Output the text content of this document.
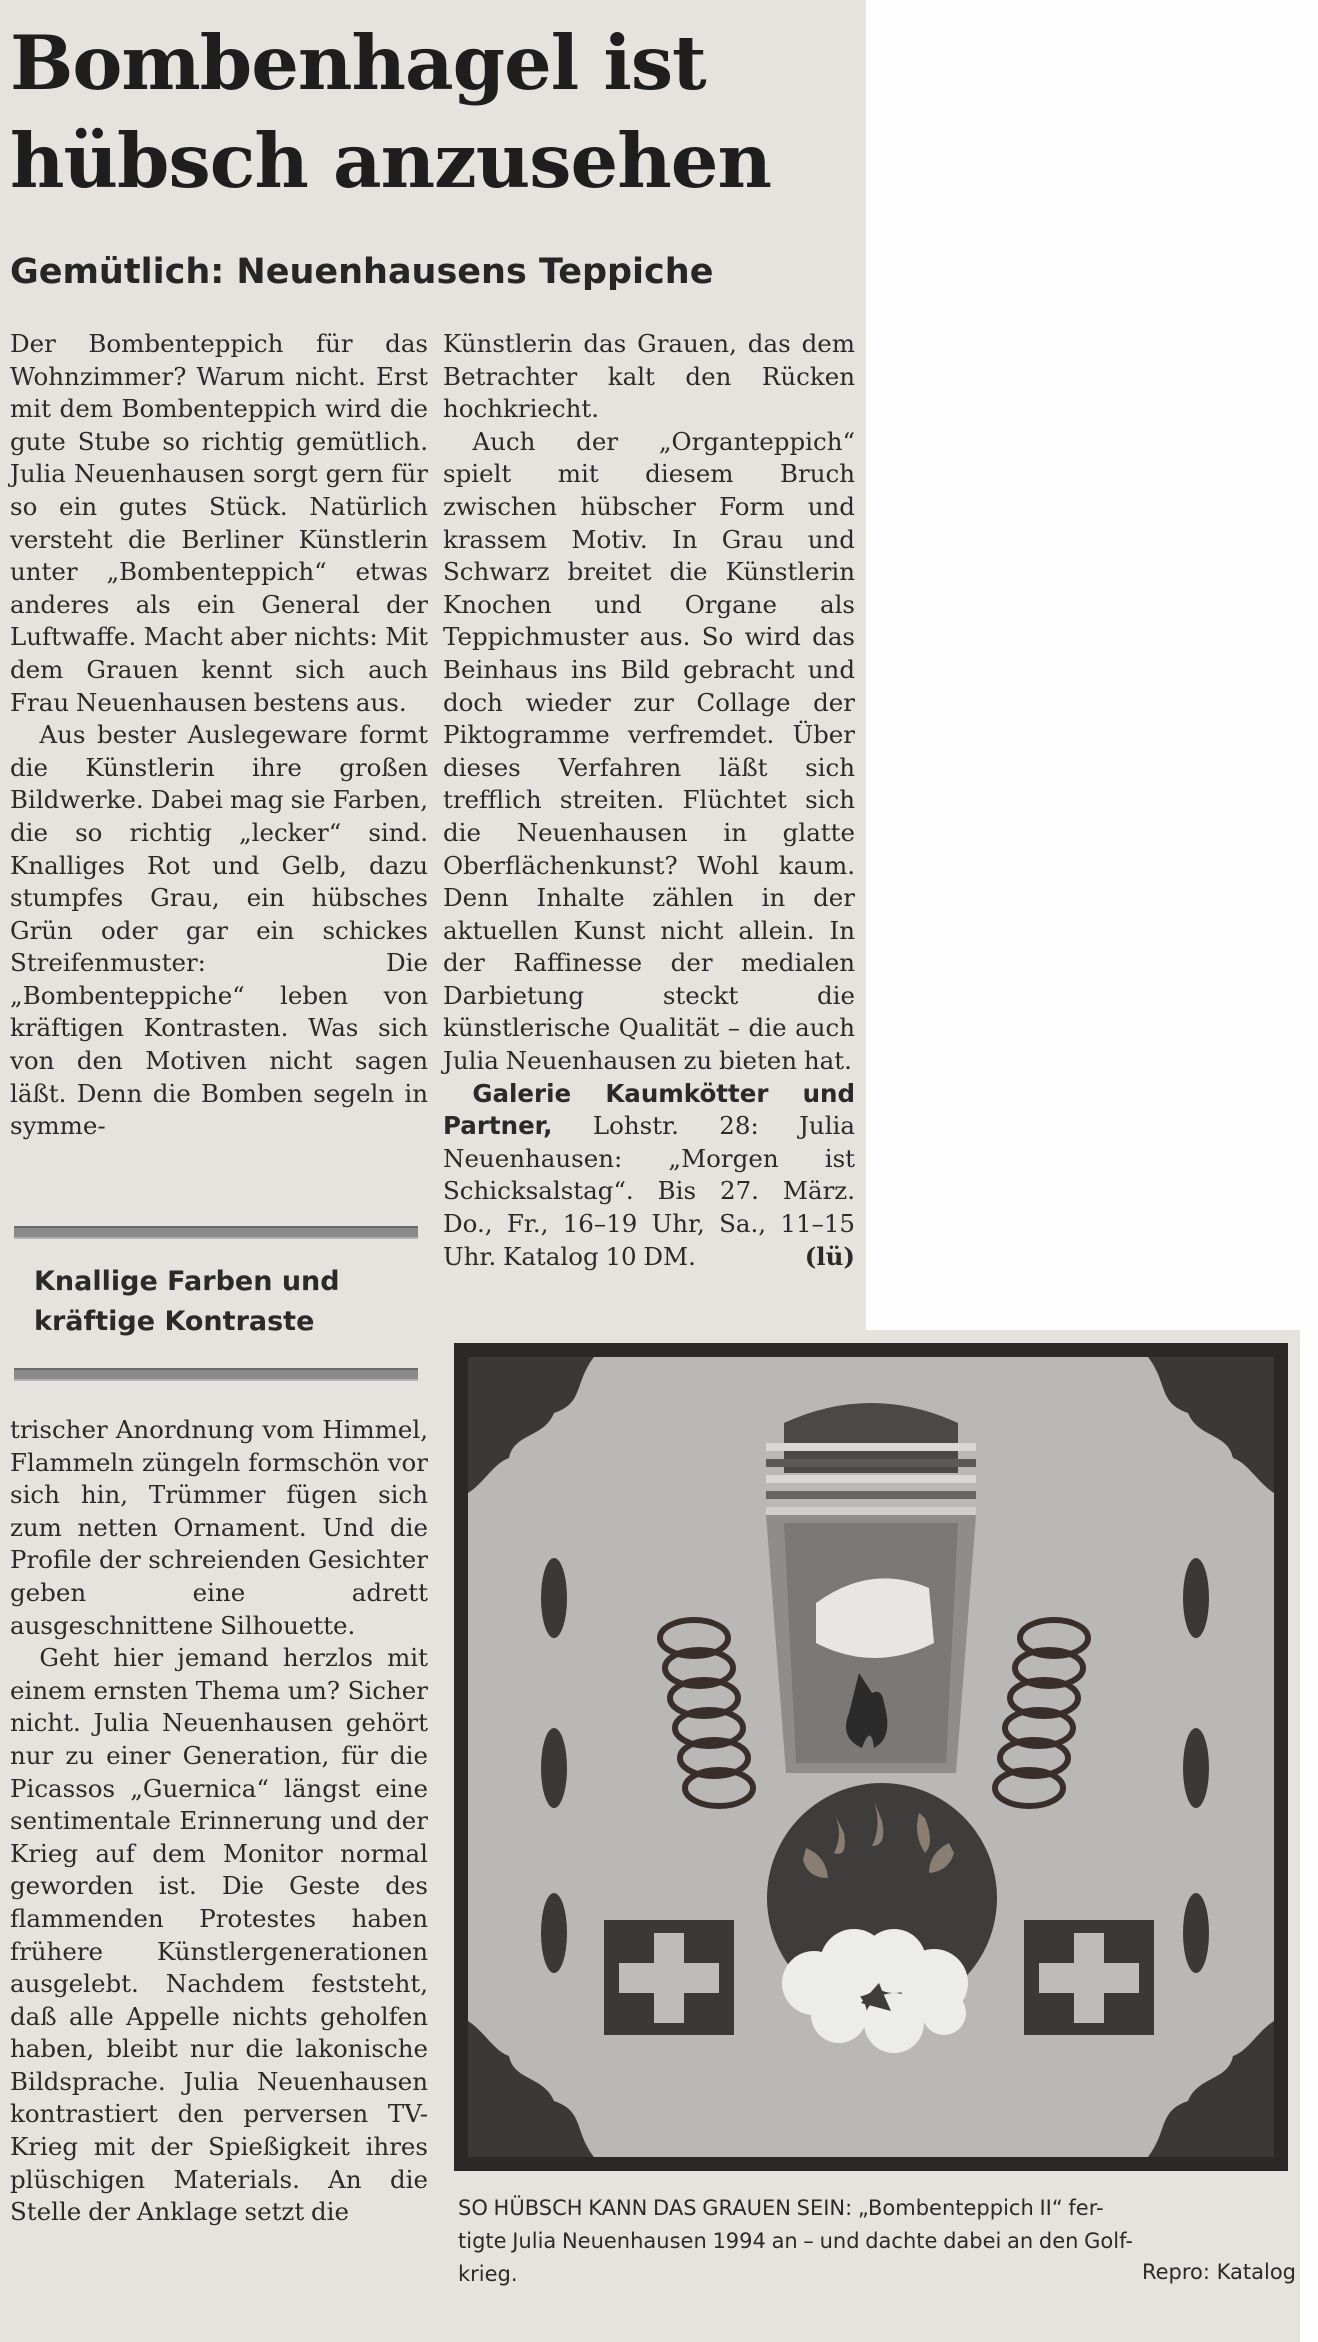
Bombenhagel ist
hübsch anzusehen
Gemütlich: Neuenhausens Teppiche

Der Bombenteppich für das Wohnzimmer? Warum nicht. Erst mit dem Bombenteppich wird die gute Stube so richtig gemütlich. Julia Neuenhausen sorgt gern für so ein gutes Stück. Natürlich versteht die Berliner Künstlerin unter „Bombenteppich“ etwas anderes als ein General der Luftwaffe. Macht aber nichts: Mit dem Grauen kennt sich auch Frau Neuenhausen bestens aus.

Aus bester Auslegeware formt die Künstlerin ihre großen Bildwerke. Dabei mag sie Farben, die so richtig „lecker“ sind. Knalliges Rot und Gelb, dazu stumpfes Grau, ein hübsches Grün oder gar ein schickes Streifenmuster: Die „Bombenteppiche“ leben von kräftigen Kontrasten. Was sich von den Motiven nicht sagen läßt. Denn die Bomben segeln in symme-

Knallige Farben und
kräftige Kontraste

trischer Anordnung vom Himmel, Flammeln züngeln formschön vor sich hin, Trümmer fügen sich zum netten Ornament. Und die Profile der schreienden Gesichter geben eine adrett ausgeschnittene Silhouette.

Geht hier jemand herzlos mit einem ernsten Thema um? Sicher nicht. Julia Neuenhausen gehört nur zu einer Generation, für die Picassos „Guernica“ längst eine sentimentale Erinnerung und der Krieg auf dem Monitor normal geworden ist. Die Geste des flammenden Protestes haben frühere Künstlergenerationen ausgelebt. Nachdem feststeht, daß alle Appelle nichts geholfen haben, bleibt nur die lakonische Bildsprache. Julia Neuenhausen kontrastiert den perversen TV-Krieg mit der Spießigkeit ihres plüschigen Materials. An die Stelle der Anklage setzt die

Künstlerin das Grauen, das dem Betrachter kalt den Rücken hochkriecht.

Auch der „Organteppich“ spielt mit diesem Bruch zwischen hübscher Form und krassem Motiv. In Grau und Schwarz breitet die Künstlerin Knochen und Organe als Teppichmuster aus. So wird das Beinhaus ins Bild gebracht und doch wieder zur Collage der Piktogramme verfremdet. Über dieses Verfahren läßt sich trefflich streiten. Flüchtet sich die Neuenhausen in glatte Oberflächenkunst? Wohl kaum. Denn Inhalte zählen in der aktuellen Kunst nicht allein. In der Raffinesse der medialen Darbietung steckt die künstlerische Qualität – die auch Julia Neuenhausen zu bieten hat.

Galerie Kaumkötter und Partner, Lohstr. 28: Julia Neuenhausen: „Morgen ist Schicksalstag“. Bis 27. März. Do., Fr., 16–19 Uhr, Sa., 11–15 Uhr. Katalog 10 DM.	(lü)

SO HÜBSCH KANN DAS GRAUEN SEIN: „Bombenteppich II“ fer-
tigte Julia Neuenhausen 1994 an – und dachte dabei an den Golf-
krieg.	Repro: Katalog
